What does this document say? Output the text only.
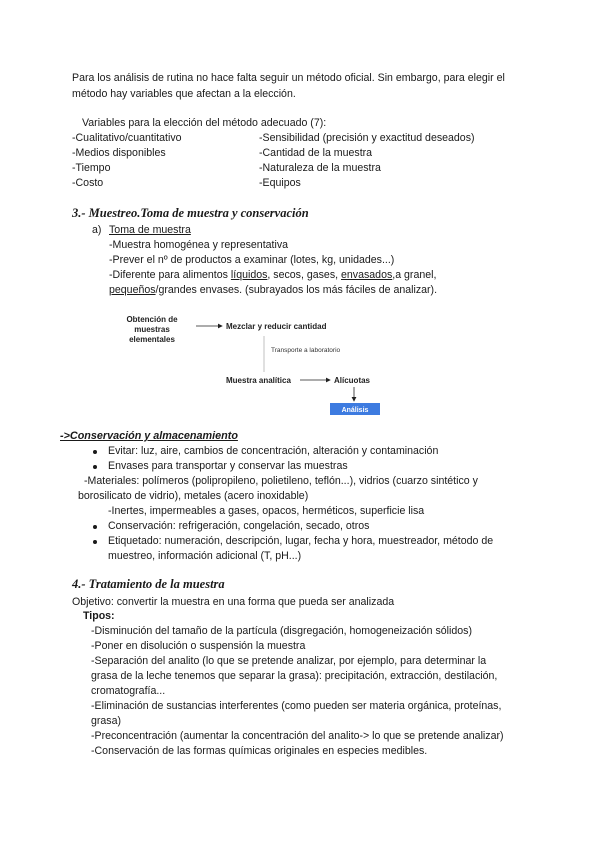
Para los análisis de rutina no hace falta seguir un método oficial. Sin embargo, para elegir el
método hay variables que afectan a la elección.
Variables para la elección del método adecuado (7):
-Cualitativo/cuantitativo
-Medios disponibles
-Tiempo
-Costo
-Sensibilidad (precisión y exactitud deseados)
-Cantidad de la muestra
-Naturaleza de la muestra
-Equipos
3.- Muestreo.Toma de muestra y conservación
a) Toma de muestra
-Muestra homogénea y representativa
-Prever el nº de productos a examinar (lotes, kg, unidades...)
-Diferente para alimentos líquidos, secos, gases, envasados,a granel,
pequeños/grandes envases. (subrayados los más fáciles de analizar).
Obtención de
muestras
elementales
Mezclar y reducir cantidad
Transporte a laboratorio
Muestra analítica	Alícuotas
Análisis
->Conservación y almacenamiento
Evitar: luz, aire, cambios de concentración, alteración y contaminación
Envases para transportar y conservar las muestras
-Materiales: polímeros (polipropileno, polietileno, teflón...), vidrios (cuarzo sintético y
borosilicato de vidrio), metales (acero inoxidable)
-Inertes, impermeables a gases, opacos, herméticos, superficie lisa
Conservación: refrigeración, congelación, secado, otros
Etiquetado: numeración, descripción, lugar, fecha y hora, muestreador, método de
muestreo, información adicional (T, pH...)
4.- Tratamiento de la muestra
Objetivo: convertir la muestra en una forma que pueda ser analizada
Tipos:
-Disminución del tamaño de la partícula (disgregación, homogeneización sólidos)
-Poner en disolución o suspensión la muestra
-Separación del analito (lo que se pretende analizar, por ejemplo, para determinar la
grasa de la leche tenemos que separar la grasa): precipitación, extracción, destilación,
cromatografía...
-Eliminación de sustancias interferentes (como pueden ser materia orgánica, proteínas,
grasa)
-Preconcentración (aumentar la concentración del analito-> lo que se pretende analizar)
-Conservación de las formas químicas originales en especies medibles.
